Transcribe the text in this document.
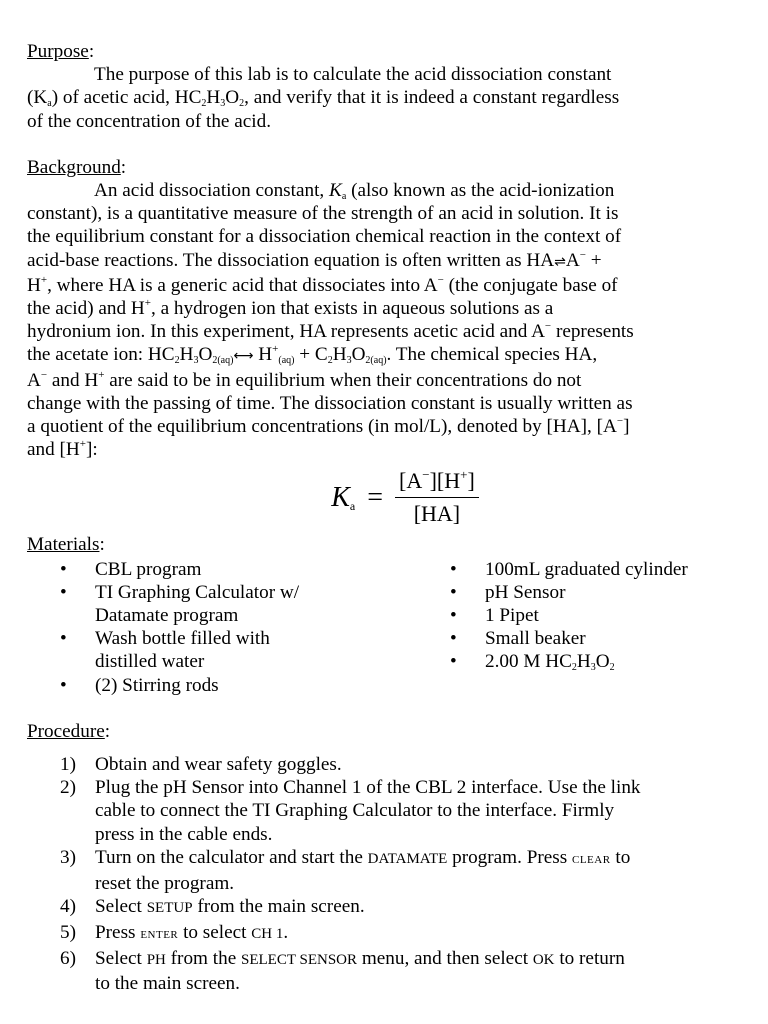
Purpose:

The purpose of this lab is to calculate the acid dissociation constant

$(K_a)$ of acetic acid, $HC_2H_3O_2$, and verify that it is indeed a constant regardless

of the concentration of the acid.

Background:

An acid dissociation constant, $K_a$ (also known as the acid-ionization

constant), is a quantitative measure of the strength of an acid in solution. It is

the equilibrium constant for a dissociation chemical reaction in the context of

acid-base reactions. The dissociation equation is often written as HA⇌A− +

H+, where HA is a generic acid that dissociates into A− (the conjugate base of

the acid) and H+, a hydrogen ion that exists in aqueous solutions as a

hydronium ion. In this experiment, HA represents acetic acid and A− represents

the acetate ion: $HC_2H_3O_{2(aq)}⟷$ $H^+_{(aq)} + C_2H_3O_{2(aq)}$. The chemical species HA,

A− and H+ are said to be in equilibrium when their concentrations do not

change with the passing of time. The dissociation constant is usually written as

a quotient of the equilibrium concentrations (in mol/L), denoted by [HA], [A−]

and [H+]:

$K_a = \frac{[A^-][H^+]}{[HA]}$

Materials:

• CBL program
• TI Graphing Calculator w/
Datamate program
• Wash bottle filled with
distilled water
• (2) Stirring rods
• 100mL graduated cylinder
• pH Sensor
• 1 Pipet
• Small beaker
• 2.00 M $HC_2H_3O_2$

Procedure:

1) Obtain and wear safety goggles.
2) Plug the pH Sensor into Channel 1 of the CBL 2 interface. Use the link
cable to connect the TI Graphing Calculator to the interface. Firmly
press in the cable ends.
3) Turn on the calculator and start the DATAMATE program. Press CLEAR to
reset the program.
4) Select SETUP from the main screen.
5) Press ENTER to select CH 1.
6) Select PH from the SELECT SENSOR menu, and then select OK to return
to the main screen.
